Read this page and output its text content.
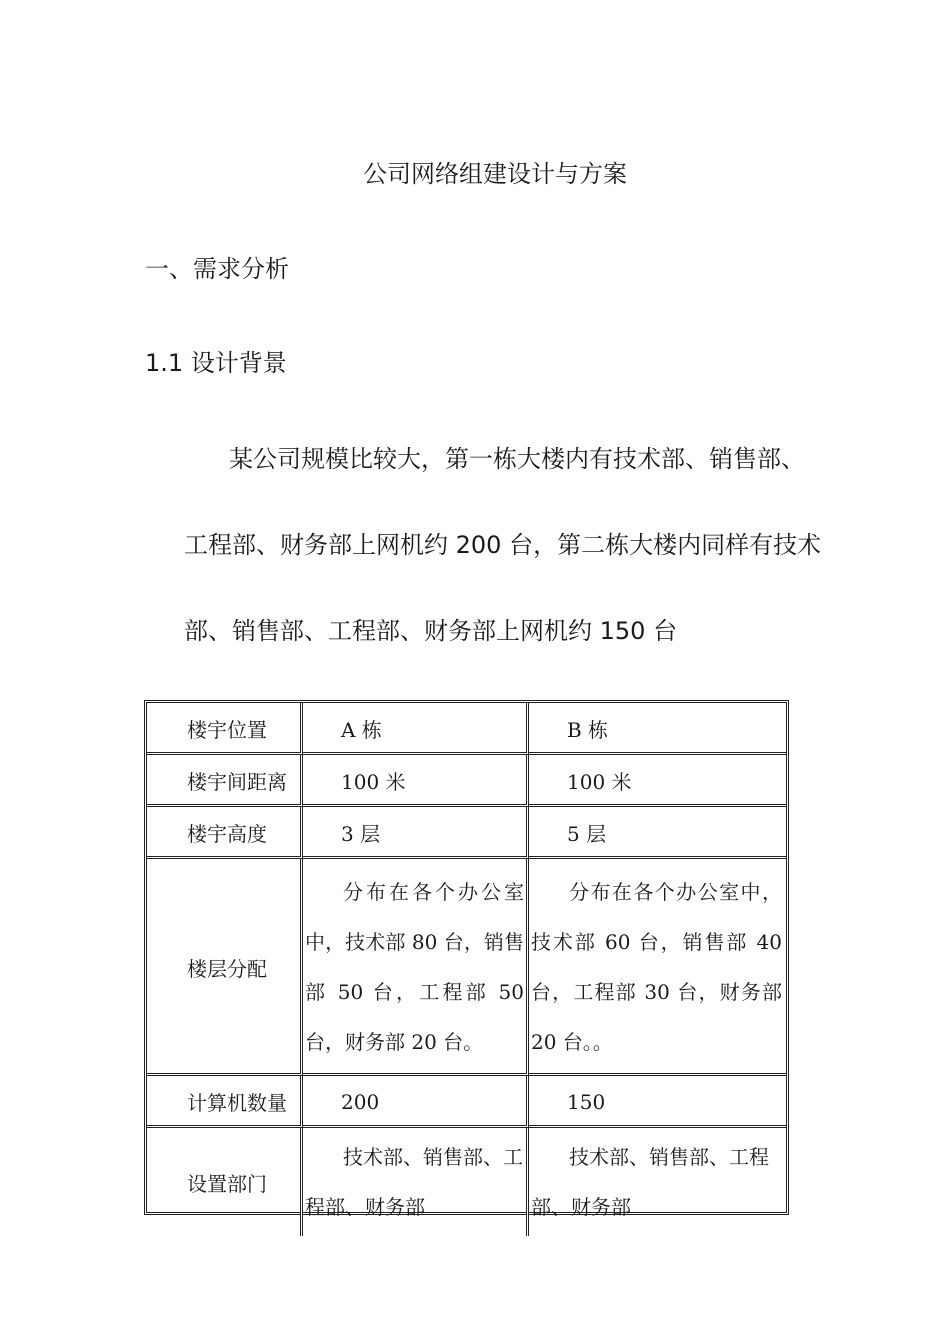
公司网络组建设计与方案
一、需求分析
1.1 设计背景
某公司规模比较大，第一栋大楼内有技术部、销售部、
工程部、财务部上网机约 200 台，第二栋大楼内同样有技术
部、销售部、工程部、财务部上网机约 150 台
楼宇位置	A 栋	B 栋
楼宇间距离	100 米	100 米
楼宇高度	3 层	5 层
楼层分配	分布在各个办公室中，技术部 80 台，销售部 50 台，工程部 50 台，财务部 20 台。	分布在各个办公室中，技术部 60 台，销售部 40 台，工程部 30 台，财务部 20 台。。
计算机数量	200	150
设置部门	技术部、销售部、工程部、财务部	技术部、销售部、工程部、财务部
